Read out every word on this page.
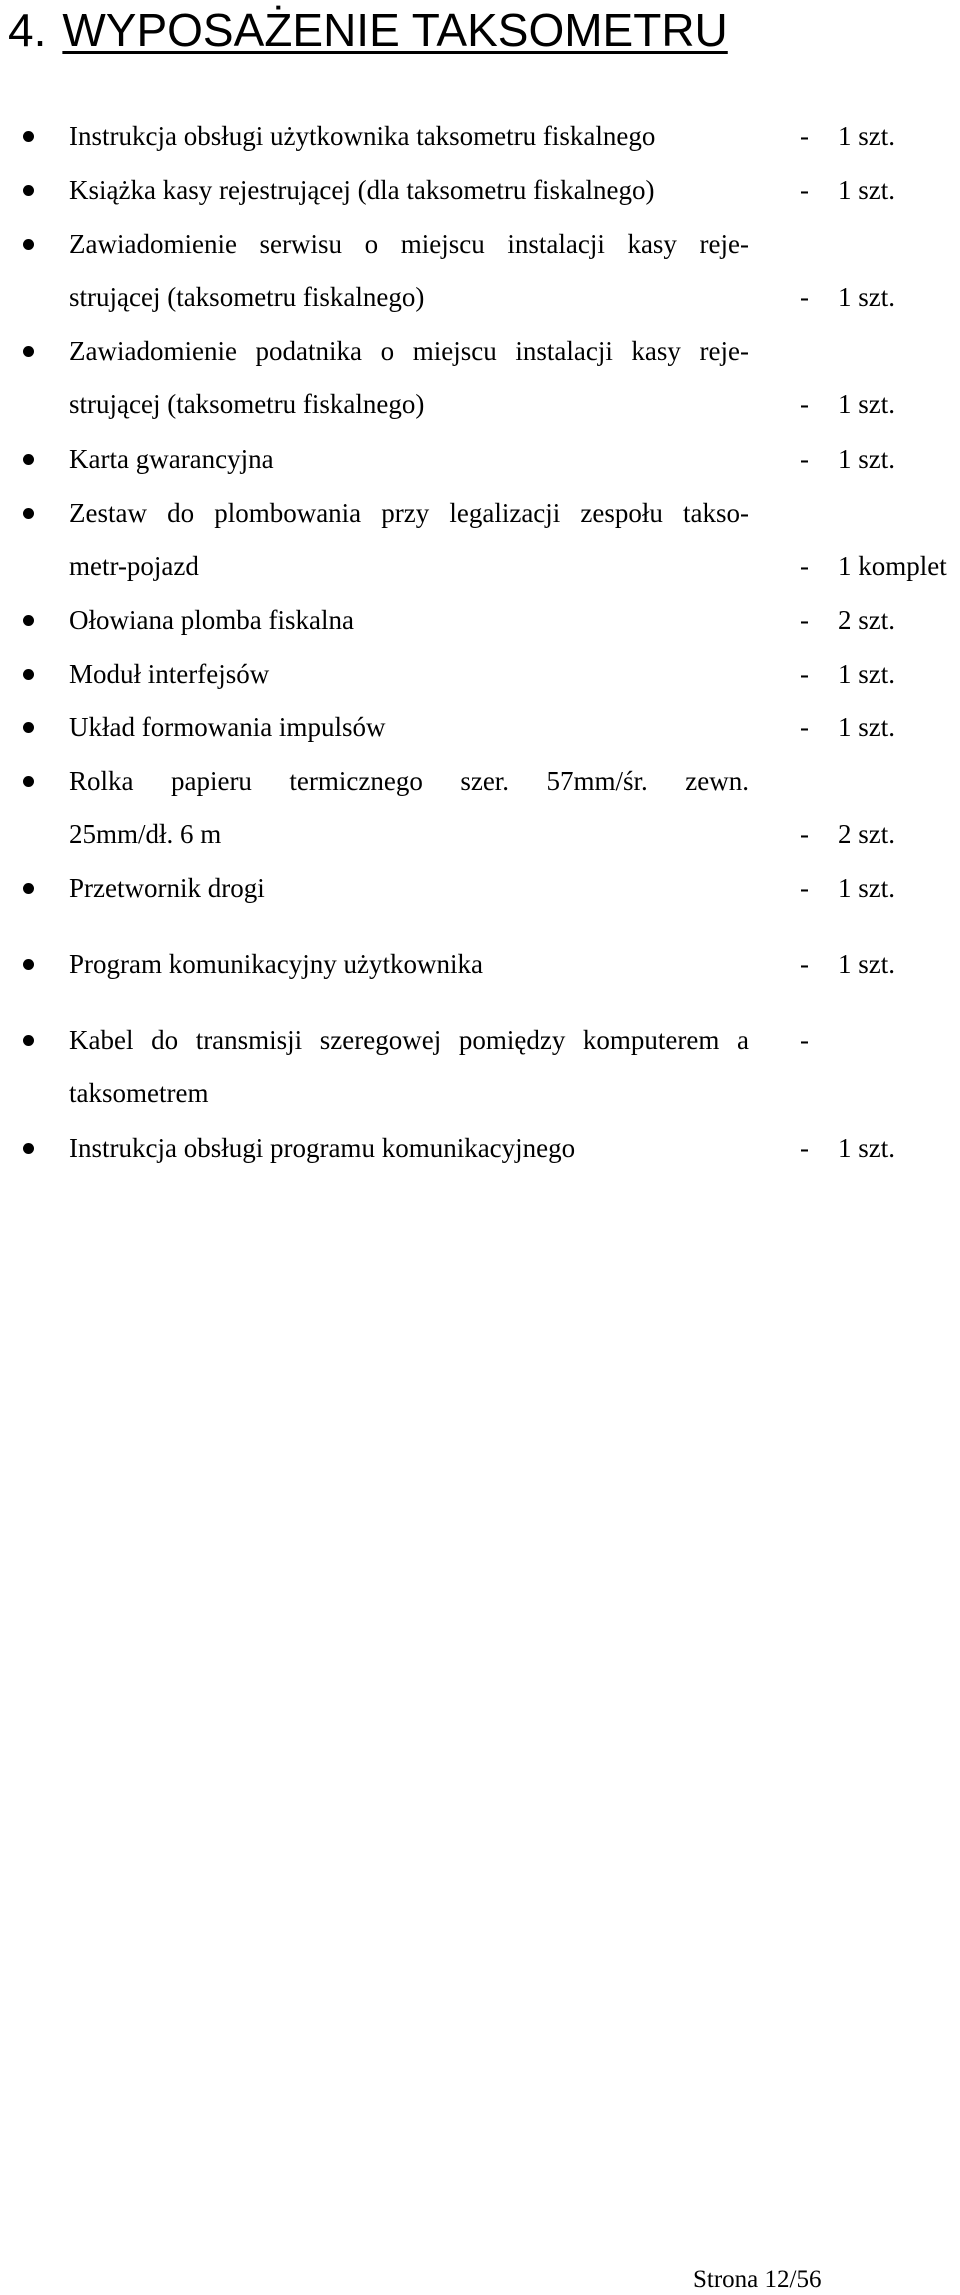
4. WYPOSAŻENIE TAKSOMETRU
Instrukcja obsługi użytkownika taksometru fiskalnego	- 1 szt.
Książka kasy rejestrującej (dla taksometru fiskalnego)	- 1 szt.
Zawiadomienie serwisu o miejscu instalacji kasy reje-
strującej (taksometru fiskalnego)	- 1 szt.
Zawiadomienie podatnika o miejscu instalacji kasy reje-
strującej (taksometru fiskalnego)	- 1 szt.
Karta gwarancyjna	- 1 szt.
Zestaw do plombowania przy legalizacji zespołu takso-
metr-pojazd	- 1 komplet
Ołowiana plomba fiskalna	- 2 szt.
Moduł interfejsów	- 1 szt.
Układ formowania impulsów	- 1 szt.
Rolka papieru termicznego szer. 57mm/śr. zewn.
25mm/dł. 6 m	- 2 szt.
Przetwornik drogi	- 1 szt.
Program komunikacyjny użytkownika	- 1 szt.
Kabel do transmisji szeregowej pomiędzy komputerem a
taksometrem
-
Instrukcja obsługi programu komunikacyjnego	- 1 szt.
Strona 12/56
